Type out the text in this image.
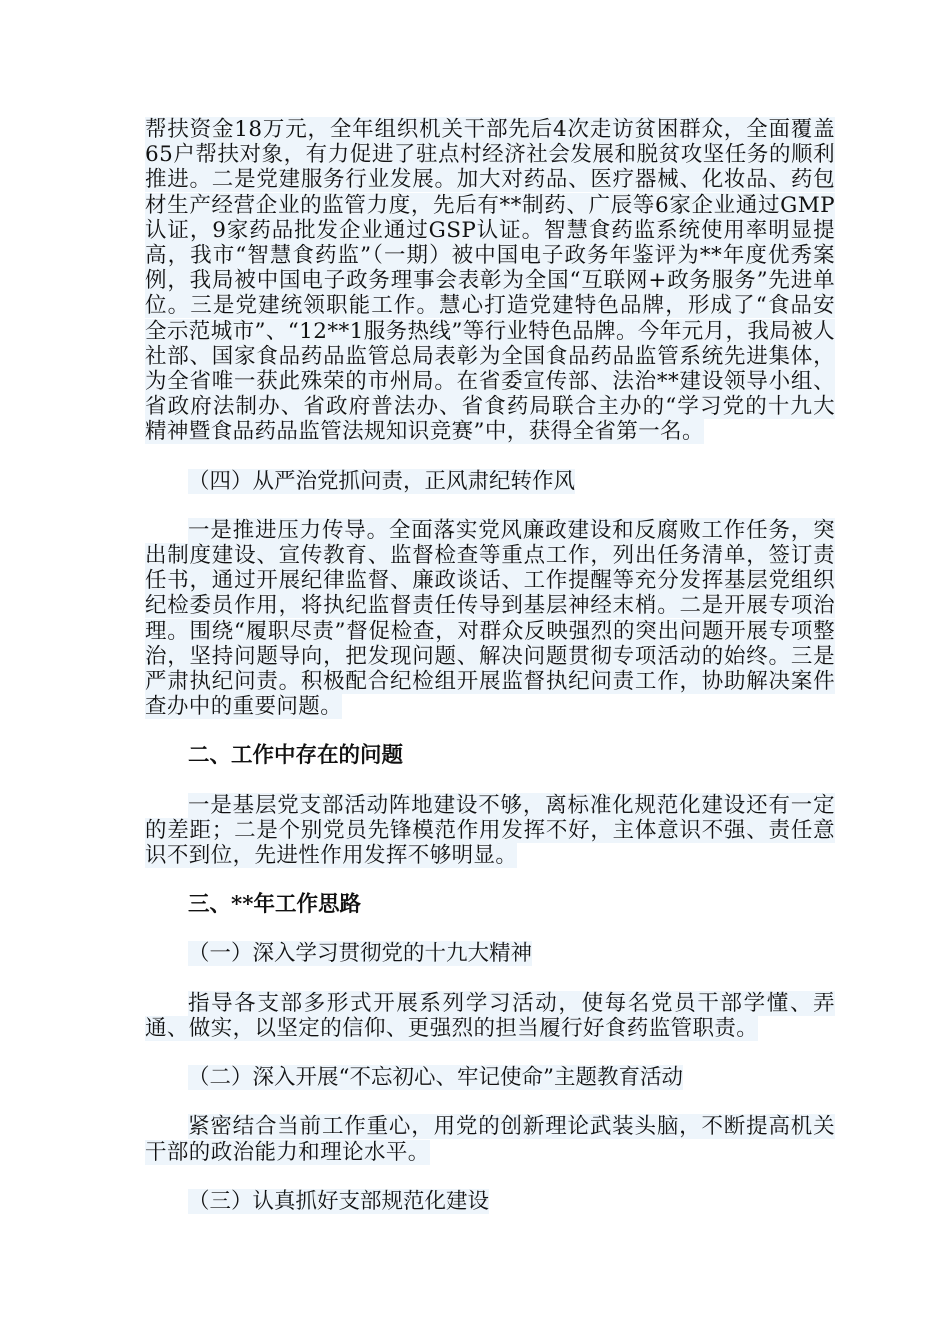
帮扶资金18万元，全年组织机关干部先后4次走访贫困群众，全面覆盖65户帮扶对象，有力促进了驻点村经济社会发展和脱贫攻坚任务的顺利推进。二是党建服务行业发展。加大对药品、医疗器械、化妆品、药包材生产经营企业的监管力度，先后有**制药、广辰等6家企业通过GMP认证，9家药品批发企业通过GSP认证。智慧食药监系统使用率明显提高，我市“智慧食药监”（一期）被中国电子政务年鉴评为**年度优秀案例，我局被中国电子政务理事会表彰为全国“互联网+政务服务”先进单位。三是党建统领职能工作。慧心打造党建特色品牌，形成了“食品安全示范城市”、“12**1服务热线”等行业特色品牌。今年元月，我局被人社部、国家食品药品监管总局表彰为全国食品药品监管系统先进集体，为全省唯一获此殊荣的市州局。在省委宣传部、法治**建设领导小组、省政府法制办、省政府普法办、省食药局联合主办的“学习党的十九大精神暨食品药品监管法规知识竞赛”中，获得全省第一名。

（四）从严治党抓问责，正风肃纪转作风

一是推进压力传导。全面落实党风廉政建设和反腐败工作任务，突出制度建设、宣传教育、监督检查等重点工作，列出任务清单，签订责任书，通过开展纪律监督、廉政谈话、工作提醒等充分发挥基层党组织纪检委员作用，将执纪监督责任传导到基层神经末梢。二是开展专项治理。围绕“履职尽责”督促检查，对群众反映强烈的突出问题开展专项整治，坚持问题导向，把发现问题、解决问题贯彻专项活动的始终。三是严肃执纪问责。积极配合纪检组开展监督执纪问责工作，协助解决案件查办中的重要问题。

二、工作中存在的问题

一是基层党支部活动阵地建设不够，离标准化规范化建设还有一定的差距；二是个别党员先锋模范作用发挥不好，主体意识不强、责任意识不到位，先进性作用发挥不够明显。

三、**年工作思路

（一）深入学习贯彻党的十九大精神

指导各支部多形式开展系列学习活动，使每名党员干部学懂、弄通、做实，以坚定的信仰、更强烈的担当履行好食药监管职责。

（二）深入开展“不忘初心、牢记使命”主题教育活动

紧密结合当前工作重心，用党的创新理论武装头脑，不断提高机关干部的政治能力和理论水平。

（三）认真抓好支部规范化建设
